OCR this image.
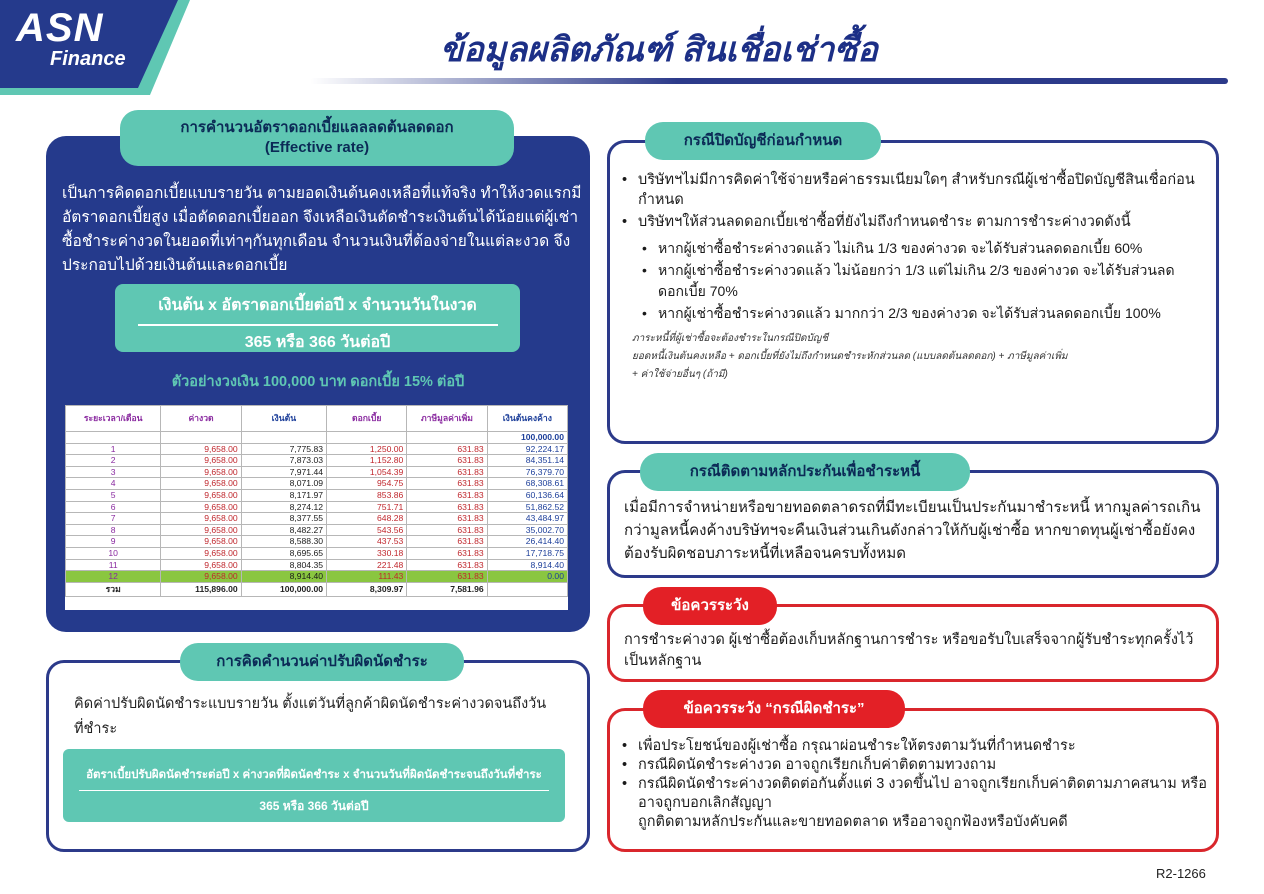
ASN
Finance	ข้อมูลผลิตภัณฑ์ สินเชื่อเช่าซื้อ
การคำนวนอัตราดอกเบี้ยแลลลดต้นลดดอก
(Effective rate)
เป็นการคิดดอกเบี้ยแบบรายวัน ตามยอดเงินต้นคงเหลือที่แท้จริง ทำให้งวดแรกมีอัตราดอกเบี้ยสูง เมื่อตัดดอกเบี้ยออก จึงเหลือเงินตัดชำระเงินต้นได้น้อยแต่ผู้เช่าซื้อชำระค่างวดในยอดที่เท่าๆกันทุกเดือน จำนวนเงินที่ต้องจ่ายในแต่ละงวด จึงประกอบไปด้วยเงินต้นและดอกเบี้ย
เงินต้น x อัตราดอกเบี้ยต่อปี x จำนวนวันในงวด
365 หรือ 366 วันต่อปี
ตัวอย่างวงเงิน 100,000 บาท ดอกเบี้ย 15% ต่อปี
ระยะเวลา/เดือน	ค่างวด	เงินต้น	ดอกเบี้ย	ภาษีมูลค่าเพิ่ม	เงินต้นคงค้าง
					100,000.00
1	9,658.00	7,775.83	1,250.00	631.83	92,224.17
2	9,658.00	7,873.03	1,152.80	631.83	84,351.14
3	9,658.00	7,971.44	1,054.39	631.83	76,379.70
4	9,658.00	8,071.09	954.75	631.83	68,308.61
5	9,658.00	8,171.97	853.86	631.83	60,136.64
6	9,658.00	8,274.12	751.71	631.83	51,862.52
7	9,658.00	8,377.55	648.28	631.83	43,484.97
8	9,658.00	8,482.27	543.56	631.83	35,002.70
9	9,658.00	8,588.30	437.53	631.83	26,414.40
10	9,658.00	8,695.65	330.18	631.83	17,718.75
11	9,658.00	8,804.35	221.48	631.83	8,914.40
12	9,658.00	8,914.40	111.43	631.83	0.00
รวม	115,896.00	100,000.00	8,309.97	7,581.96	
การคิดคำนวนค่าปรับผิดนัดชำระ
คิดค่าปรับผิดนัดชำระแบบรายวัน ตั้งแต่วันที่ลูกค้าผิดนัดชำระค่างวดจนถึงวันที่ชำระ
อัตราเบี้ยปรับผิดนัดชำระต่อปี x ค่างวดที่ผิดนัดชำระ x จำนวนวันที่ผิดนัดชำระจนถึงวันที่ชำระ
365 หรือ 366 วันต่อปี
กรณีปิดบัญชีก่อนกำหนด
• บริษัทฯไม่มีการคิดค่าใช้จ่ายหรือค่าธรรมเนียมใดๆ สำหรับกรณีผู้เช่าซื้อปิดบัญชีสินเชื่อก่อนกำหนด
• บริษัทฯให้ส่วนลดดอกเบี้ยเช่าซื้อที่ยังไม่ถึงกำหนดชำระ ตามการชำระค่างวดดังนี้
• หากผู้เช่าซื้อชำระค่างวดแล้ว ไม่เกิน 1/3 ของค่างวด จะได้รับส่วนลดดอกเบี้ย 60%
• หากผู้เช่าซื้อชำระค่างวดแล้ว ไม่น้อยกว่า 1/3 แต่ไม่เกิน 2/3 ของค่างวด จะได้รับส่วนลดดอกเบี้ย 70%
• หากผู้เช่าซื้อชำระค่างวดแล้ว มากกว่า 2/3 ของค่างวด จะได้รับส่วนลดดอกเบี้ย 100%
ภาระหนี้ที่ผู้เช่าซื้อจะต้องชำระในกรณีปิดบัญชี
ยอดหนี้เงินต้นคงเหลือ + ดอกเบี้ยที่ยังไม่ถึงกำหนดชำระหักส่วนลด (แบบลดต้นลดดอก) + ภาษีมูลค่าเพิ่ม
+ ค่าใช้จ่ายอื่นๆ (ถ้ามี)
กรณีติดตามหลักประกันเพื่อชำระหนี้
เมื่อมีการจำหน่ายหรือขายทอดตลาดรถที่มีทะเบียนเป็นประกันมาชำระหนี้ หากมูลค่ารถเกินกว่ามูลหนี้คงค้างบริษัทฯจะคืนเงินส่วนเกินดังกล่าวให้กับผู้เช่าซื้อ หากขาดทุนผู้เช่าซื้อยังคงต้องรับผิดชอบภาระหนี้ที่เหลือจนครบทั้งหมด
ข้อควรระวัง
การชำระค่างวด ผู้เช่าซื้อต้องเก็บหลักฐานการชำระ หรือขอรับใบเสร็จจากผู้รับชำระทุกครั้งไว้เป็นหลักฐาน
ข้อควรระวัง “กรณีผิดชำระ”
• เพื่อประโยชน์ของผู้เช่าซื้อ กรุณาผ่อนชำระให้ตรงตามวันที่กำหนดชำระ
• กรณีผิดนัดชำระค่างวด อาจถูกเรียกเก็บค่าติดตามทวงถาม
• กรณีผิดนัดชำระค่างวดติดต่อกันตั้งแต่ 3 งวดขึ้นไป อาจถูกเรียกเก็บค่าติดตามภาคสนาม หรือ อาจถูกบอกเลิกสัญญา
ถูกติดตามหลักประกันและขายทอดตลาด หรืออาจถูกฟ้องหรือบังคับคดี
R2-1266
